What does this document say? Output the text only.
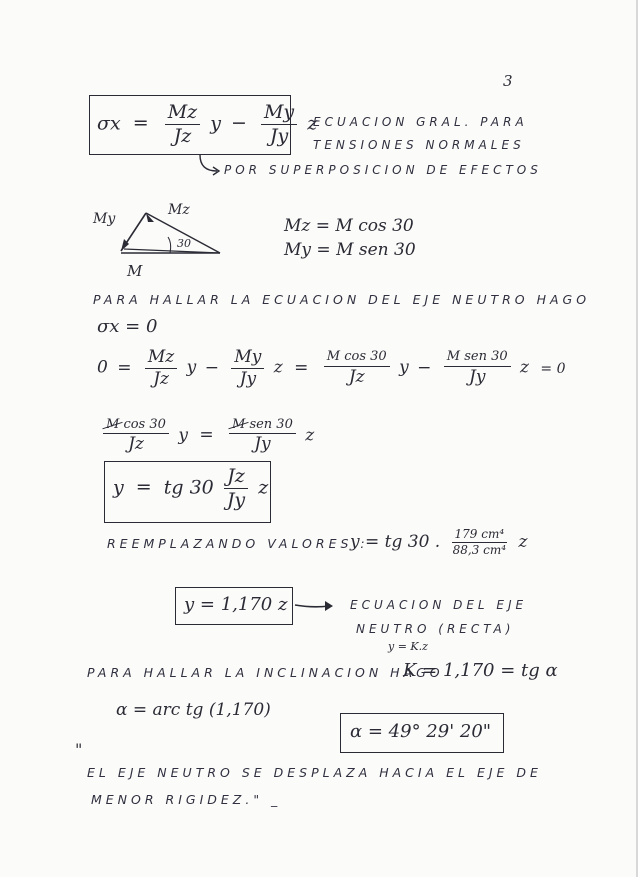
3
$\sigma x = \frac{Mz}{Jz}$ $y - \frac{My}{Jy}$ z
ECUACION GRAL. PARA
TENSIONES NORMALES
POR SUPERPOSICION DE EFECTOS
My
Mz
30
M
Mz = M cos 30
My = M sen 30
PARA HALLAR LA ECUACION DEL EJE NEUTRO HAGO
σx = 0
$0 = \frac{Mz}{Jz}$ $y - \frac{My}{Jy}$ $z = \frac{\text{M cos 30}}{Jz}$ $y - \frac{\text{M sen 30}}{Jy}$ z = 0
$\frac{\text{M cos 30}}{Jz}$ $y = \frac{\text{M sen 30}}{Jy}$ z
y = tg $30 \frac{Jz}{Jy}$ z
REEMPLAZANDO VALORES :
y = tg 30 . $\frac{\text{179 cm⁴}}{\text{88,3 cm⁴}}$ z
y = 1,170 z	ECUACION DEL EJE
NEUTRO (RECTA)
y = K.z
PARA HALLAR LA INCLINACION HAGO
K = 1,170 = tg α
α = arc tg (1,170)
α = 49° 29' 20"
"
EL EJE NEUTRO SE DESPLAZA HACIA EL EJE DE
MENOR RIGIDEZ." _
